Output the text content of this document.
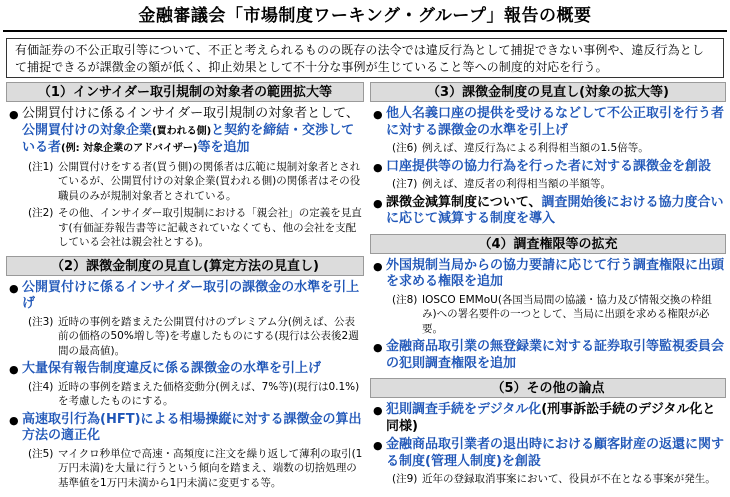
金融審議会「市場制度ワーキング・グループ」報告の概要
有価証券の不公正取引等について、不正と考えられるものの既存の法令では違反行為として捕捉できない事例や、違反行為として捕捉できるが課徴金の額が低く、抑止効果として不十分な事例が生じていること等への制度的対応を行う。
（1）インサイダー取引規制の対象者の範囲拡大等
● 公開買付けに係るインサイダー取引規制の対象者として、公開買付けの対象企業(買われる側)と契約を締結・交渉している者(例: 対象企業のアドバイザー)等を追加
(注1) 公開買付けをする者(買う側)の関係者は広範に規制対象者とされているが、公開買付けの対象企業(買われる側)の関係者はその役職員のみが規制対象者とされている。
(注2) その他、インサイダー取引規制における「親会社」の定義を見直す(有価証券報告書等に記載されていなくても、他の会社を支配している会社は親会社とする)。
（2）課徴金制度の見直し(算定方法の見直し)
● 公開買付けに係るインサイダー取引の課徴金の水準を引上げ
(注3) 近時の事例を踏まえた公開買付けのプレミアム分(例えば、公表前の価格の50%増し等)を考慮したものにする(現行は公表後2週間の最高値)。
● 大量保有報告制度違反に係る課徴金の水準を引上げ
(注4) 近時の事例を踏まえた価格変動分(例えば、7%等)(現行は0.1%)を考慮したものにする。
● 高速取引行為(HFT)による相場操縦に対する課徴金の算出方法の適正化
(注5) マイクロ秒単位で高速・高頻度に注文を繰り返して薄利の取引(1万円未満)を大量に行うという傾向を踏まえ、端数の切捨処理の基準値を1万円未満から1円未満に変更する等。
（3）課徴金制度の見直し(対象の拡大等)
● 他人名義口座の提供を受けるなどして不公正取引を行う者に対する課徴金の水準を引上げ
(注6) 例えば、違反行為による利得相当額の1.5倍等。
● 口座提供等の協力行為を行った者に対する課徴金を創設
(注7) 例えば、違反者の利得相当額の半額等。
● 課徴金減算制度について、調査開始後における協力度合いに応じて減算する制度を導入
（4）調査権限等の拡充
● 外国規制当局からの協力要請に応じて行う調査権限に出頭を求める権限を追加
(注8) IOSCO EMMoU(各国当局間の協議・協力及び情報交換の枠組み)への署名要件の一つとして、当局に出頭を求める権限が必要。
● 金融商品取引業の無登録業に対する証券取引等監視委員会の犯則調査権限を追加
（5）その他の論点
● 犯則調査手続をデジタル化(刑事訴訟手続のデジタル化と同様)
● 金融商品取引業者の退出時における顧客財産の返還に関する制度(管理人制度)を創設
(注9) 近年の登録取消事案において、役員が不在となる事案が発生。
